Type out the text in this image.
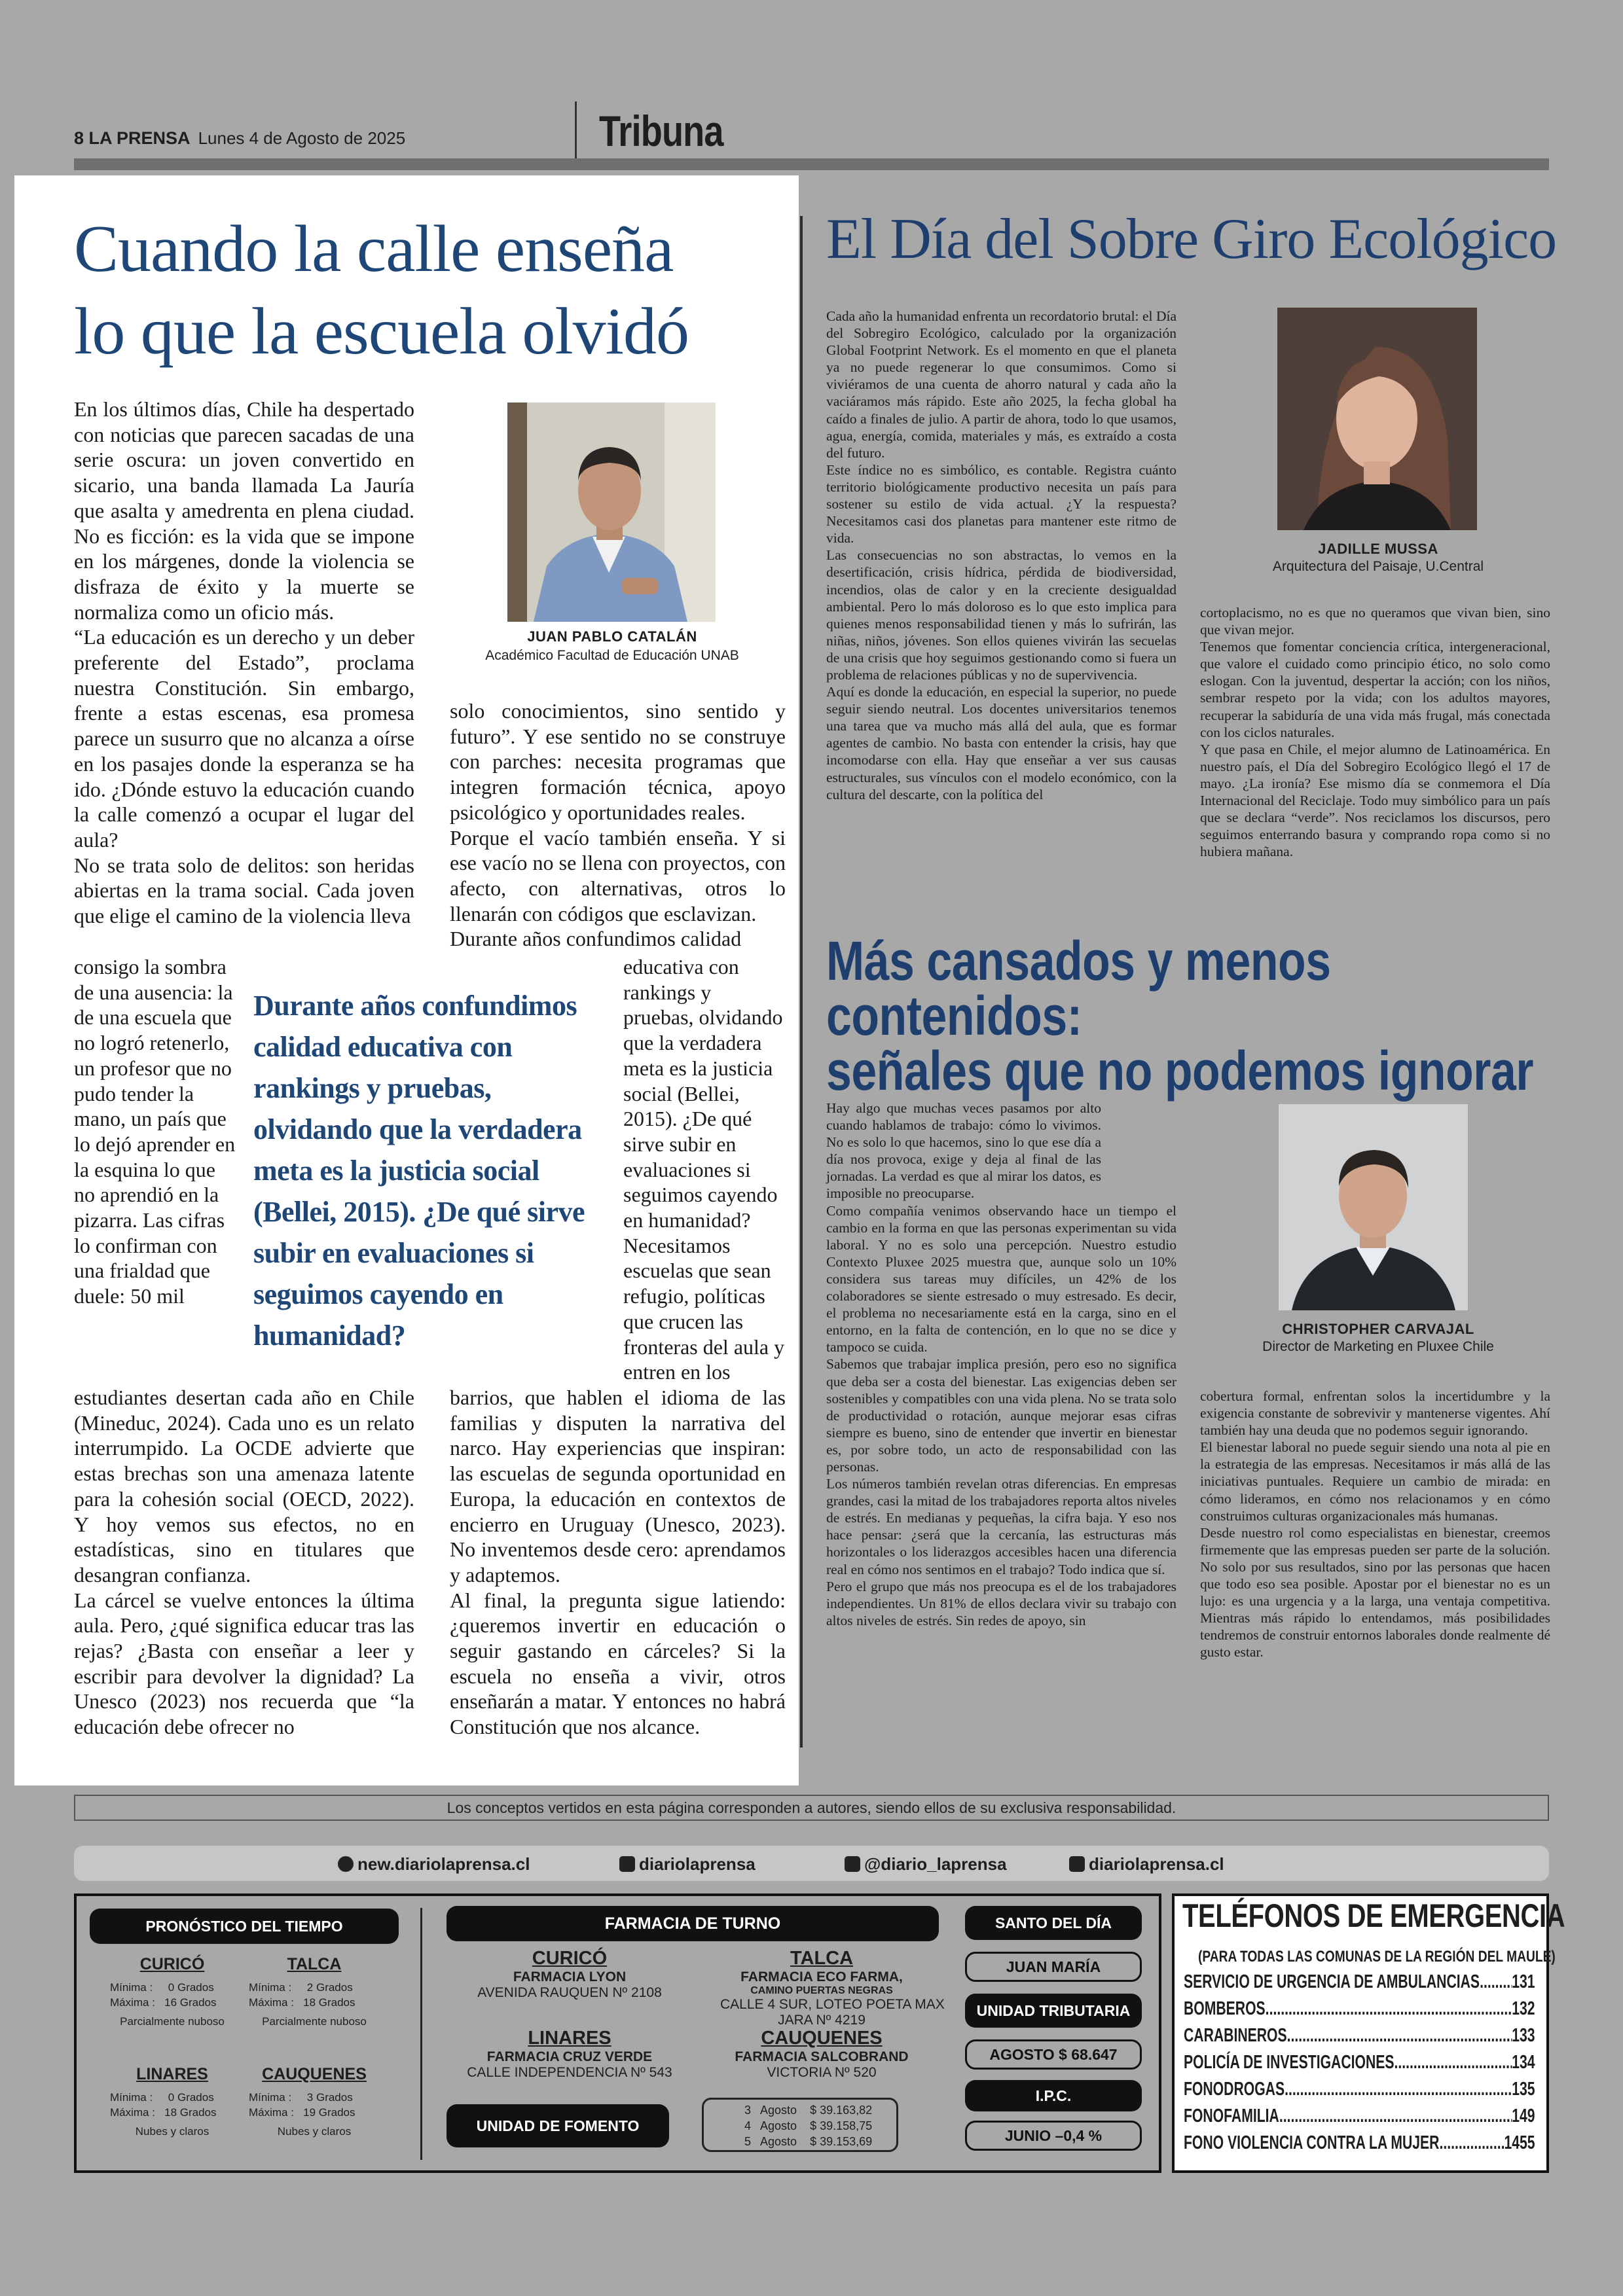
8 LA PRENSA Lunes 4 de Agosto de 2025	Tribuna
Cuando la calle enseña
lo que la escuela olvidó
JUAN PABLO CATALÁN
Académico Facultad de Educación UNAB

En los últimos días, Chile ha despertado con noticias que parecen sacadas de una serie oscura: un joven convertido en sicario, una banda llamada La Jauría que asalta y amedrenta en plena ciudad. No es ficción: es la vida que se impone en los márgenes, donde la violencia se disfraza de éxito y la muerte se normaliza como un oficio más.

“La educación es un derecho y un deber preferente del Estado”, proclama nuestra Constitución. Sin embargo, frente a estas escenas, esa promesa parece un susurro que no alcanza a oírse en los pasajes donde la esperanza se ha ido. ¿Dónde estuvo la educación cuando la calle comenzó a ocupar el lugar del aula?

No se trata solo de delitos: son heridas abiertas en la trama social. Cada joven que elige el camino de la violencia lleva

consigo la sombra de una ausencia: la de una escuela que no logró retenerlo, un profesor que no pudo tender la mano, un país que lo dejó aprender en la esquina lo que no aprendió en la pizarra. Las cifras lo confirman con una frialdad que duele: 50 mil

estudiantes desertan cada año en Chile (Mineduc, 2024). Cada uno es un relato interrumpido. La OCDE advierte que estas brechas son una amenaza latente para la cohesión social (OECD, 2022). Y hoy vemos sus efectos, no en estadísticas, sino en titulares que desangran confianza.

La cárcel se vuelve entonces la última aula. Pero, ¿qué significa educar tras las rejas? ¿Basta con enseñar a leer y escribir para devolver la dignidad? La Unesco (2023) nos recuerda que “la educación debe ofrecer no

solo conocimientos, sino sentido y futuro”. Y ese sentido no se construye con parches: necesita programas que integren formación técnica, apoyo psicológico y oportunidades reales.

Porque el vacío también enseña. Y si ese vacío no se llena con proyectos, con afecto, con alternativas, otros lo llenarán con códigos que esclavizan.

Durante años confundimos calidad

educativa con rankings y pruebas, olvidando que la verdadera meta es la justicia social (Bellei, 2015). ¿De qué sirve subir en evaluaciones si seguimos cayendo en humanidad? Necesitamos escuelas que sean refugio, políticas que crucen las fronteras del aula y entren en los

barrios, que hablen el idioma de las familias y disputen la narrativa del narco. Hay experiencias que inspiran: las escuelas de segunda oportunidad en Europa, la educación en contextos de encierro en Uruguay (Unesco, 2023). No inventemos desde cero: aprendamos y adaptemos.

Al final, la pregunta sigue latiendo: ¿queremos invertir en educación o seguir gastando en cárceles? Si la escuela no enseña a vivir, otros enseñarán a matar. Y entonces no habrá Constitución que nos alcance.

Durante años confundimos calidad educativa con rankings y pruebas, olvidando que la verdadera meta es la justicia social (Bellei, 2015). ¿De qué sirve subir en evaluaciones si seguimos cayendo en humanidad?
El Día del Sobre Giro Ecológico

Cada año la humanidad enfrenta un recordatorio brutal: el Día del Sobregiro Ecológico, calculado por la organización Global Footprint Network. Es el momento en que el planeta ya no puede regenerar lo que consumimos. Como si viviéramos de una cuenta de ahorro natural y cada año la vaciáramos más rápido. Este año 2025, la fecha global ha caído a finales de julio. A partir de ahora, todo lo que usamos, agua, energía, comida, materiales y más, es extraído a costa del futuro.

Este índice no es simbólico, es contable. Registra cuánto territorio biológicamente productivo necesita un país para sostener su estilo de vida actual. ¿Y la respuesta? Necesitamos casi dos planetas para mantener este ritmo de vida.

Las consecuencias no son abstractas, lo vemos en la desertificación, crisis hídrica, pérdida de biodiversidad, incendios, olas de calor y en la creciente desigualdad ambiental. Pero lo más doloroso es lo que esto implica para quienes menos responsabilidad tienen y más lo sufrirán, las niñas, niños, jóvenes. Son ellos quienes vivirán las secuelas de una crisis que hoy seguimos gestionando como si fuera un problema de relaciones públicas y no de supervivencia.

Aquí es donde la educación, en especial la superior, no puede seguir siendo neutral. Los docentes universitarios tenemos una tarea que va mucho más allá del aula, que es formar agentes de cambio. No basta con entender la crisis, hay que incomodarse con ella. Hay que enseñar a ver sus causas estructurales, sus vínculos con el modelo económico, con la cultura del descarte, con la política del

JADILLE MUSSA
Arquitectura del Paisaje, U.Central

cortoplacismo, no es que no queramos que vivan bien, sino que vivan mejor.

Tenemos que fomentar conciencia crítica, intergeneracional, que valore el cuidado como principio ético, no solo como eslogan. Con la juventud, despertar la acción; con los niños, sembrar respeto por la vida; con los adultos mayores, recuperar la sabiduría de una vida más frugal, más conectada con los ciclos naturales.

Y que pasa en Chile, el mejor alumno de Latinoamérica. En nuestro país, el Día del Sobregiro Ecológico llegó el 17 de mayo. ¿La ironía? Ese mismo día se conmemora el Día Internacional del Reciclaje. Todo muy simbólico para un país que se declara “verde”. Nos reciclamos los discursos, pero seguimos enterrando basura y comprando ropa como si no hubiera mañana.

Más cansados y menos contenidos:
señales que no podemos ignorar

Hay algo que muchas veces pasamos por alto cuando hablamos de trabajo: cómo lo vivimos. No es solo lo que hacemos, sino lo que ese día a día nos provoca, exige y deja al final de las jornadas. La verdad es que al mirar los datos, es imposible no preocuparse.

Como compañía venimos observando hace un tiempo el cambio en la forma en que las personas experimentan su vida laboral. Y no es solo una percepción. Nuestro estudio Contexto Pluxee 2025 muestra que, aunque solo un 10% considera sus tareas muy difíciles, un 42% de los colaboradores se siente estresado o muy estresado. Es decir, el problema no necesariamente está en la carga, sino en el entorno, en la falta de contención, en lo que no se dice y tampoco se cuida.

Sabemos que trabajar implica presión, pero eso no significa que deba ser a costa del bienestar. Las exigencias deben ser sostenibles y compatibles con una vida plena. No se trata solo de productividad o rotación, aunque mejorar esas cifras siempre es bueno, sino de entender que invertir en bienestar es, por sobre todo, un acto de responsabilidad con las personas.

Los números también revelan otras diferencias. En empresas grandes, casi la mitad de los trabajadores reporta altos niveles de estrés. En medianas y pequeñas, la cifra baja. Y eso nos hace pensar: ¿será que la cercanía, las estructuras más horizontales o los liderazgos accesibles hacen una diferencia real en cómo nos sentimos en el trabajo? Todo indica que sí.

Pero el grupo que más nos preocupa es el de los trabajadores independientes. Un 81% de ellos declara vivir su trabajo con altos niveles de estrés. Sin redes de apoyo, sin

CHRISTOPHER CARVAJAL
Director de Marketing en Pluxee Chile

cobertura formal, enfrentan solos la incertidumbre y la exigencia constante de sobrevivir y mantenerse vigentes. Ahí también hay una deuda que no podemos seguir ignorando.

El bienestar laboral no puede seguir siendo una nota al pie en la estrategia de las empresas. Necesitamos ir más allá de las iniciativas puntuales. Requiere un cambio de mirada: en cómo lideramos, en cómo nos relacionamos y en cómo construimos culturas organizacionales más humanas.

Desde nuestro rol como especialistas en bienestar, creemos firmemente que las empresas pueden ser parte de la solución. No solo por sus resultados, sino por las personas que hacen que todo eso sea posible. Apostar por el bienestar no es un lujo: es una urgencia y a la larga, una ventaja competitiva. Mientras más rápido lo entendamos, más posibilidades tendremos de construir entornos laborales donde realmente dé gusto estar.

Los conceptos vertidos en esta página corresponden a autores, siendo ellos de su exclusiva responsabilidad.
new.diariolaprensa.cl	diariolaprensa	@diario_laprensa	diariolaprensa.cl
PRONÓSTICO DEL TIEMPO
CURICÓ
Mínima :     0 Grados
Máxima :   16 Grados
Parcialmente nuboso
TALCA
Mínima :     2 Grados
Máxima :   18 Grados
Parcialmente nuboso
LINARES
Mínima :     0 Grados
Máxima :   18 Grados
Nubes y claros
CAUQUENES
Mínima :     3 Grados
Máxima :   19 Grados
Nubes y claros
FARMACIA DE TURNO
CURICÓ
FARMACIA LYON
AVENIDA RAUQUEN Nº 2108
TALCA
FARMACIA ECO FARMA,
CAMINO PUERTAS NEGRAS
CALLE 4 SUR, LOTEO POETA MAX
JARA Nº 4219
LINARES
FARMACIA CRUZ VERDE
CALLE INDEPENDENCIA Nº 543
CAUQUENES
FARMACIA SALCOBRAND
VICTORIA Nº 520
UNIDAD DE FOMENTO
3   Agosto    $ 39.163,82
4   Agosto    $ 39.158,75
5   Agosto    $ 39.153,69
SANTO DEL DÍA
JUAN MARÍA
UNIDAD TRIBUTARIA
AGOSTO $ 68.647
I.P.C.
JUNIO –0,4 %
TELÉFONOS DE EMERGENCIA
(PARA TODAS LAS COMUNAS DE LA REGIÓN DEL MAULE)
SERVICIO DE URGENCIA DE AMBULANCIAS ..... 131
BOMBEROS .....	132
CARABINEROS .....	133
POLICÍA DE INVESTIGACIONES .....	134
FONODROGAS .....	135
FONOFAMILIA .....	149
FONO VIOLENCIA CONTRA LA MUJER .....	1455
